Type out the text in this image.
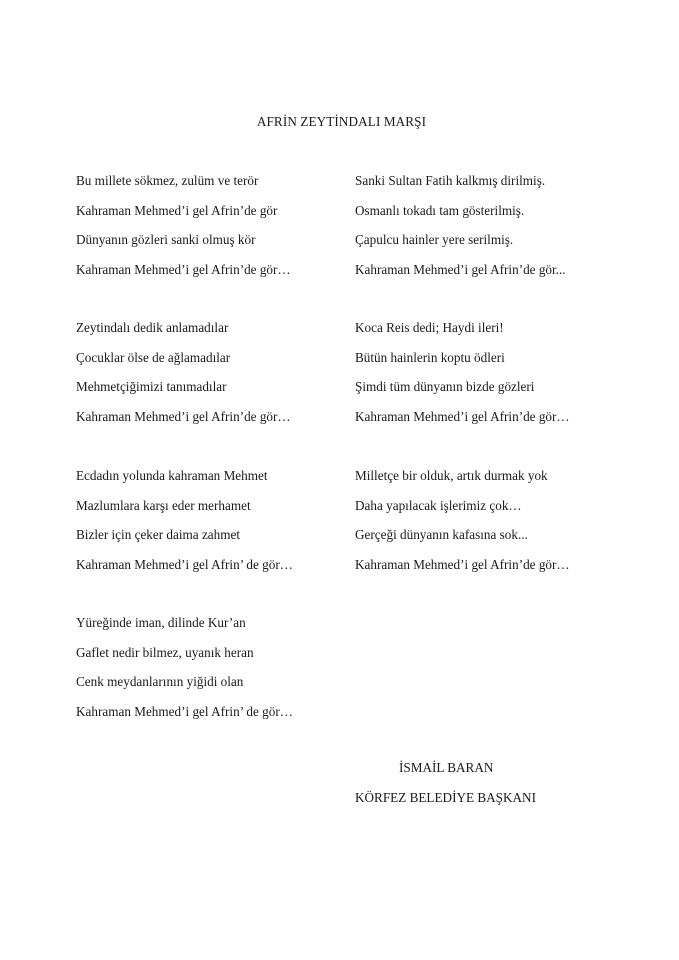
AFRİN ZEYTİNDALI MARŞI
Bu millete sökmez, zulüm ve terör
Kahraman Mehmed’i gel Afrin’de gör
Dünyanın gözleri sanki olmuş kör
Kahraman Mehmed’i gel Afrin’de gör…
Sanki Sultan Fatih kalkmış dirilmiş.
Osmanlı tokadı tam gösterilmiş.
Çapulcu hainler yere serilmiş.
Kahraman Mehmed’i gel Afrin’de gör...
Zeytindalı dedik anlamadılar
Çocuklar ölse de ağlamadılar
Mehmetçiğimizi tanımadılar
Kahraman Mehmed’i gel Afrin’de gör…
Koca Reis dedi; Haydi ileri!
Bütün hainlerin koptu ödleri
Şimdi tüm dünyanın bizde gözleri
Kahraman Mehmed’i gel Afrin’de gör…
Ecdadın yolunda kahraman Mehmet
Mazlumlara karşı eder merhamet
Bizler için çeker daima zahmet
Kahraman Mehmed’i gel Afrin’ de gör…
Milletçe bir olduk, artık durmak yok
Daha yapılacak işlerimiz çok…
Gerçeği dünyanın kafasına sok...
Kahraman Mehmed’i gel Afrin’de gör…
Yüreğinde iman, dilinde Kur’an
Gaflet nedir bilmez, uyanık heran
Cenk meydanlarının yiğidi olan
Kahraman Mehmed’i gel Afrin’ de gör…
İSMAİL BARAN
KÖRFEZ BELEDİYE BAŞKANI
